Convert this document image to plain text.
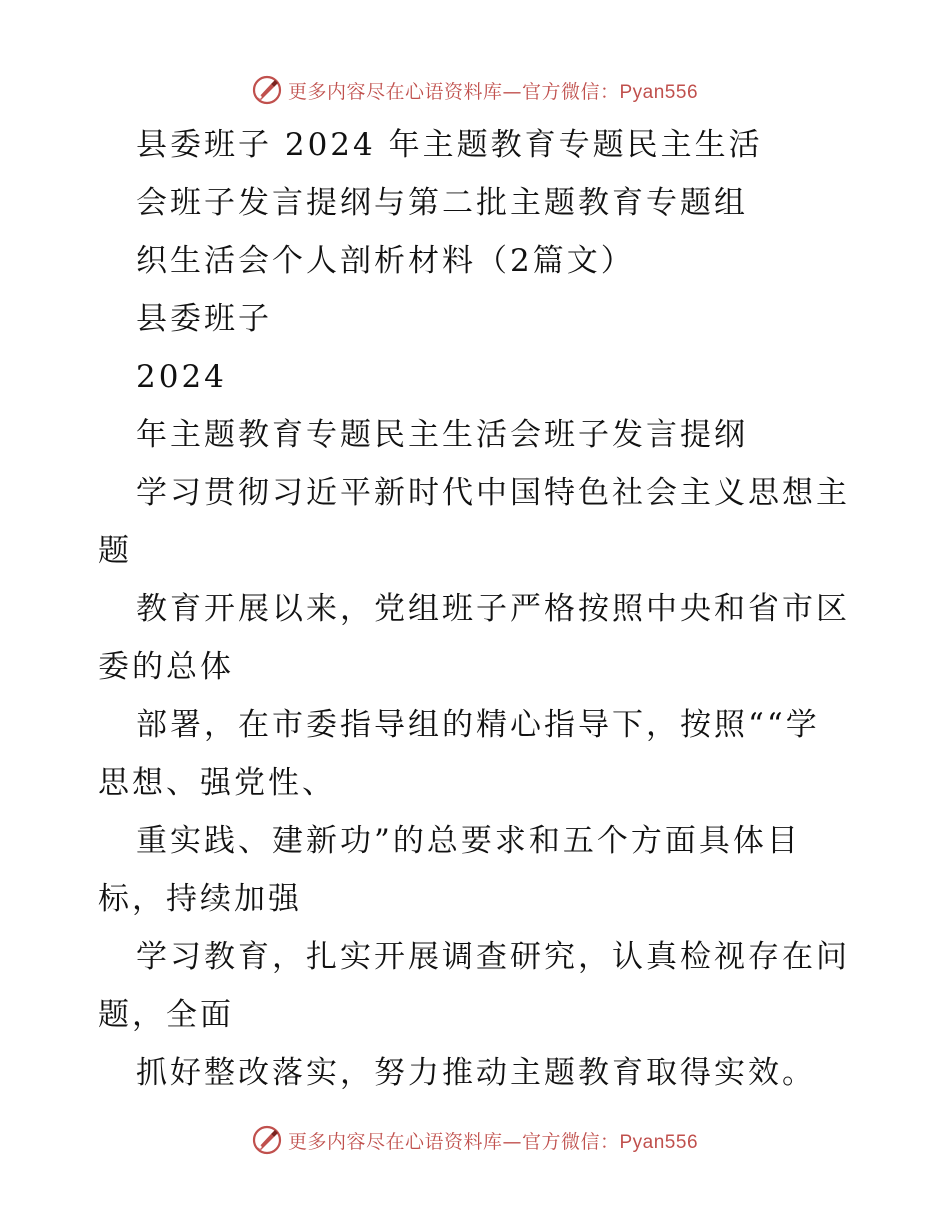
更多内容尽在心语资料库—官方微信：Pyan556
县委班子 2024 年主题教育专题民主生活
会班子发言提纲与第二批主题教育专题组
织生活会个人剖析材料（2篇文）
县委班子
2024
年主题教育专题民主生活会班子发言提纲
学习贯彻习近平新时代中国特色社会主义思想主
题
教育开展以来，党组班子严格按照中央和省市区
委的总体
部署，在市委指导组的精心指导下，按照““学
思想、强党性、
重实践、建新功”的总要求和五个方面具体目
标，持续加强
学习教育，扎实开展调查研究，认真检视存在问
题，全面
抓好整改落实，努力推动主题教育取得实效。
更多内容尽在心语资料库—官方微信：Pyan556
